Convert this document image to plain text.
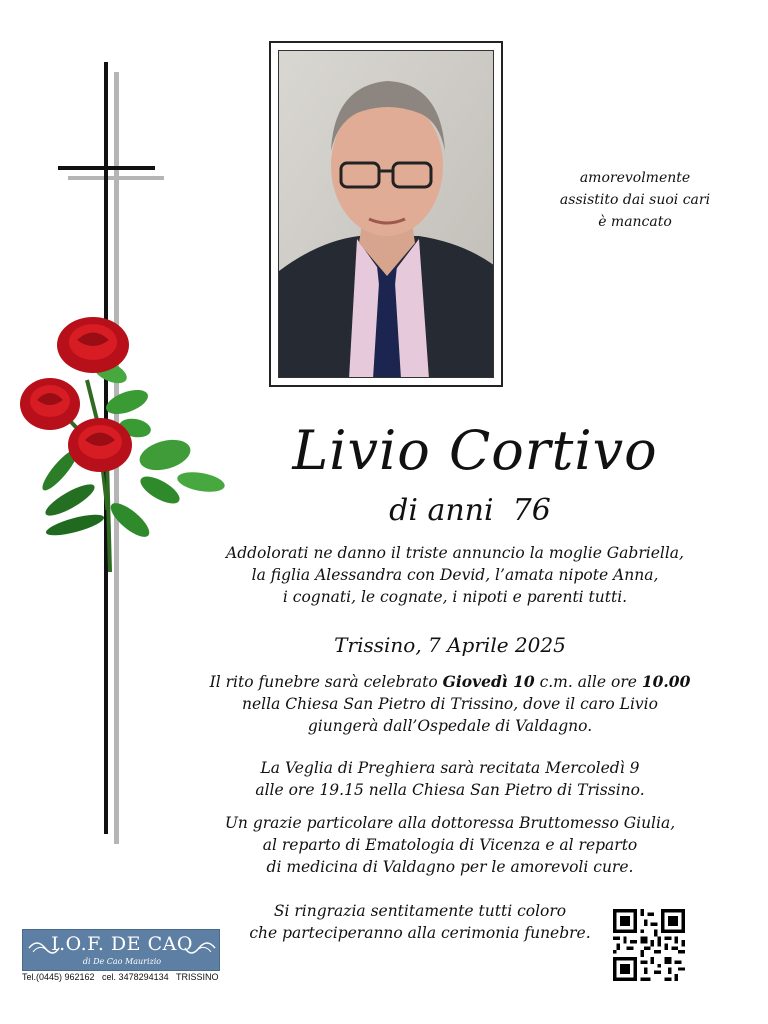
amorevolmente
assistito dai suoi cari
è mancato
Livio Cortivo
di anni  76
Addolorati ne danno il triste annuncio la moglie Gabriella,
la figlia Alessandra con Devid, l’amata nipote Anna,
i cognati, le cognate, i nipoti e parenti tutti.
Trissino, 7 Aprile 2025
Il rito funebre sarà celebrato Giovedì 10 c.m. alle ore 10.00
nella Chiesa San Pietro di Trissino, dove il caro Livio
giungerà dall’Ospedale di Valdagno.
La Veglia di Preghiera sarà recitata Mercoledì 9
alle ore 19.15 nella Chiesa San Pietro di Trissino.
Un grazie particolare alla dottoressa Bruttomesso Giulia,
al reparto di Ematologia di Vicenza e al reparto
di medicina di Valdagno per le amorevoli cure.
Si ringrazia sentitamente tutti coloro
che parteciperanno alla cerimonia funebre.
I.O.F. DE CAO
di De Cao Maurizio
Tel.(0445) 962162   cel. 3478294134   TRISSINO
